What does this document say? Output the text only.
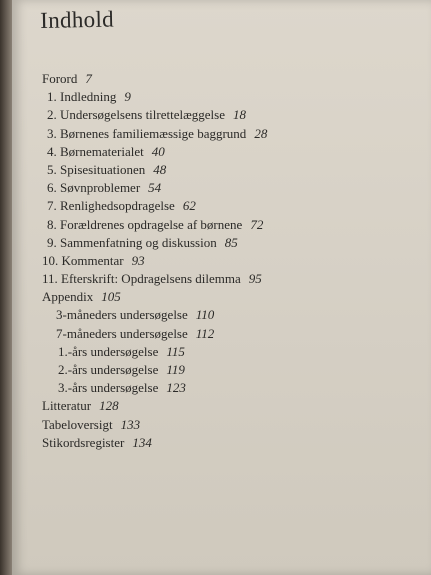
Indhold
Forord 7
1. Indledning 9
2. Undersøgelsens tilrettelæggelse 18
3. Børnenes familiemæssige baggrund 28
4. Børnematerialet 40
5. Spisesituationen 48
6. Søvnproblemer 54
7. Renlighedsopdragelse 62
8. Forældrenes opdragelse af børnene 72
9. Sammenfatning og diskussion 85
10. Kommentar 93
11. Efterskrift: Opdragelsens dilemma 95
Appendix 105
3-måneders undersøgelse 110
7-måneders undersøgelse 112
1.-års undersøgelse 115
2.-års undersøgelse 119
3.-års undersøgelse 123
Litteratur 128
Tabeloversigt 133
Stikordsregister 134
